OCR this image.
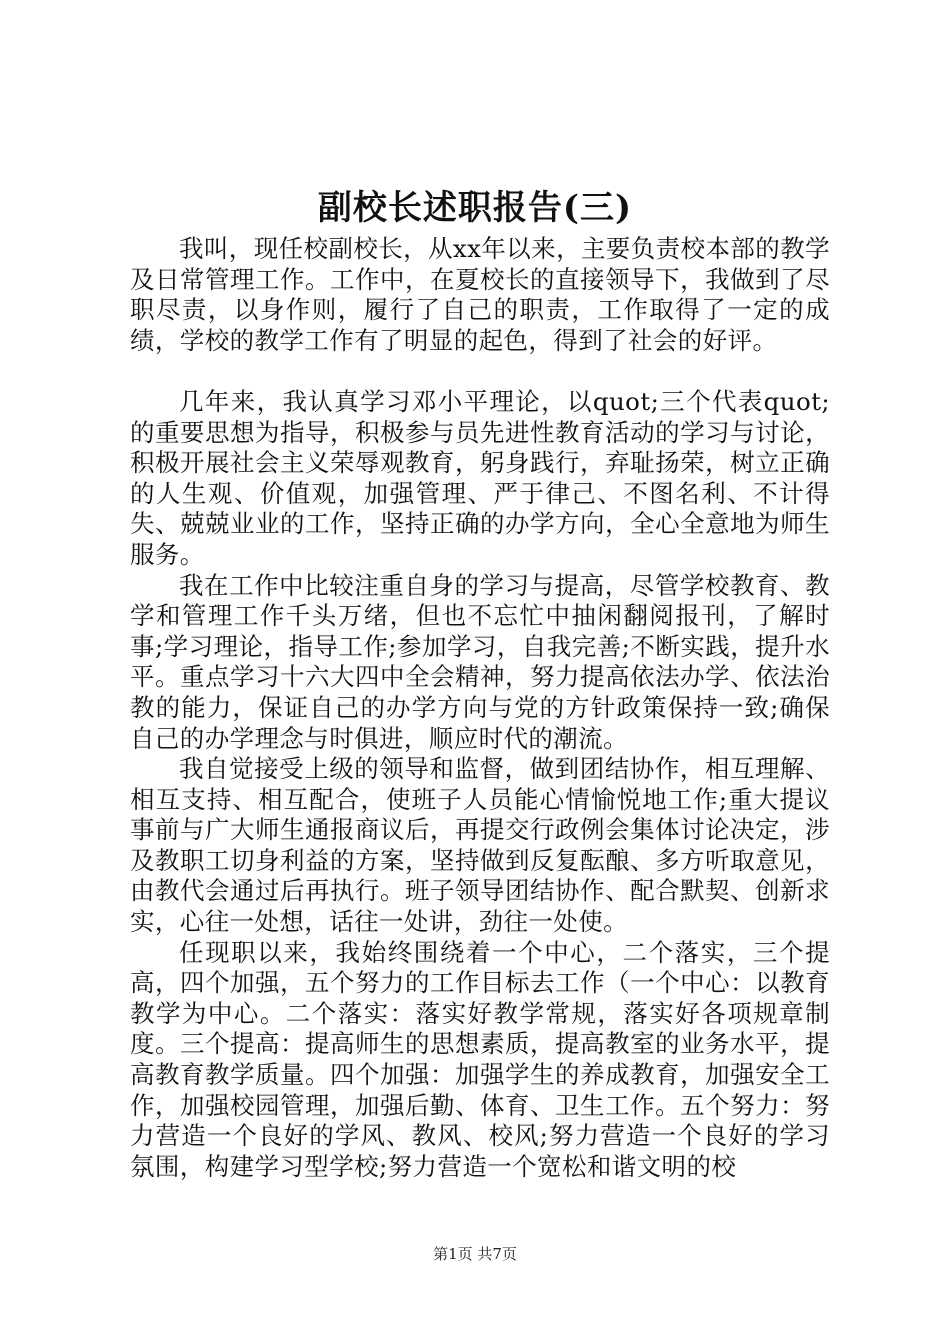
副校长述职报告(三)

我叫，现任校副校长，从xx年以来，主要负责校本部的教学及日常管理工作。工作中，在夏校长的直接领导下，我做到了尽职尽责，以身作则，履行了自己的职责，工作取得了一定的成绩，学校的教学工作有了明显的起色，得到了社会的好评。

几年来，我认真学习邓小平理论，以quot;三个代表quot;的重要思想为指导，积极参与员先进性教育活动的学习与讨论，积极开展社会主义荣辱观教育，躬身践行，弃耻扬荣，树立正确的人生观、价值观，加强管理、严于律己、不图名利、不计得失、兢兢业业的工作，坚持正确的办学方向，全心全意地为师生服务。

我在工作中比较注重自身的学习与提高，尽管学校教育、教学和管理工作千头万绪，但也不忘忙中抽闲翻阅报刊，了解时事;学习理论，指导工作;参加学习，自我完善;不断实践，提升水平。重点学习十六大四中全会精神，努力提高依法办学、依法治教的能力，保证自己的办学方向与党的方针政策保持一致;确保自己的办学理念与时俱进，顺应时代的潮流。

我自觉接受上级的领导和监督，做到团结协作，相互理解、相互支持、相互配合，使班子人员能心情愉悦地工作;重大提议事前与广大师生通报商议后，再提交行政例会集体讨论决定，涉及教职工切身利益的方案，坚持做到反复酝酿、多方听取意见，由教代会通过后再执行。班子领导团结协作、配合默契、创新求实，心往一处想，话往一处讲，劲往一处使。

任现职以来，我始终围绕着一个中心，二个落实，三个提高，四个加强，五个努力的工作目标去工作（一个中心：以教育教学为中心。二个落实：落实好教学常规，落实好各项规章制度。三个提高：提高师生的思想素质，提高教室的业务水平，提高教育教学质量。四个加强：加强学生的养成教育，加强安全工作，加强校园管理，加强后勤、体育、卫生工作。五个努力：努力营造一个良好的学风、教风、校风;努力营造一个良好的学习氛围，构建学习型学校;努力营造一个宽松和谐文明的校

第1页 共7页
